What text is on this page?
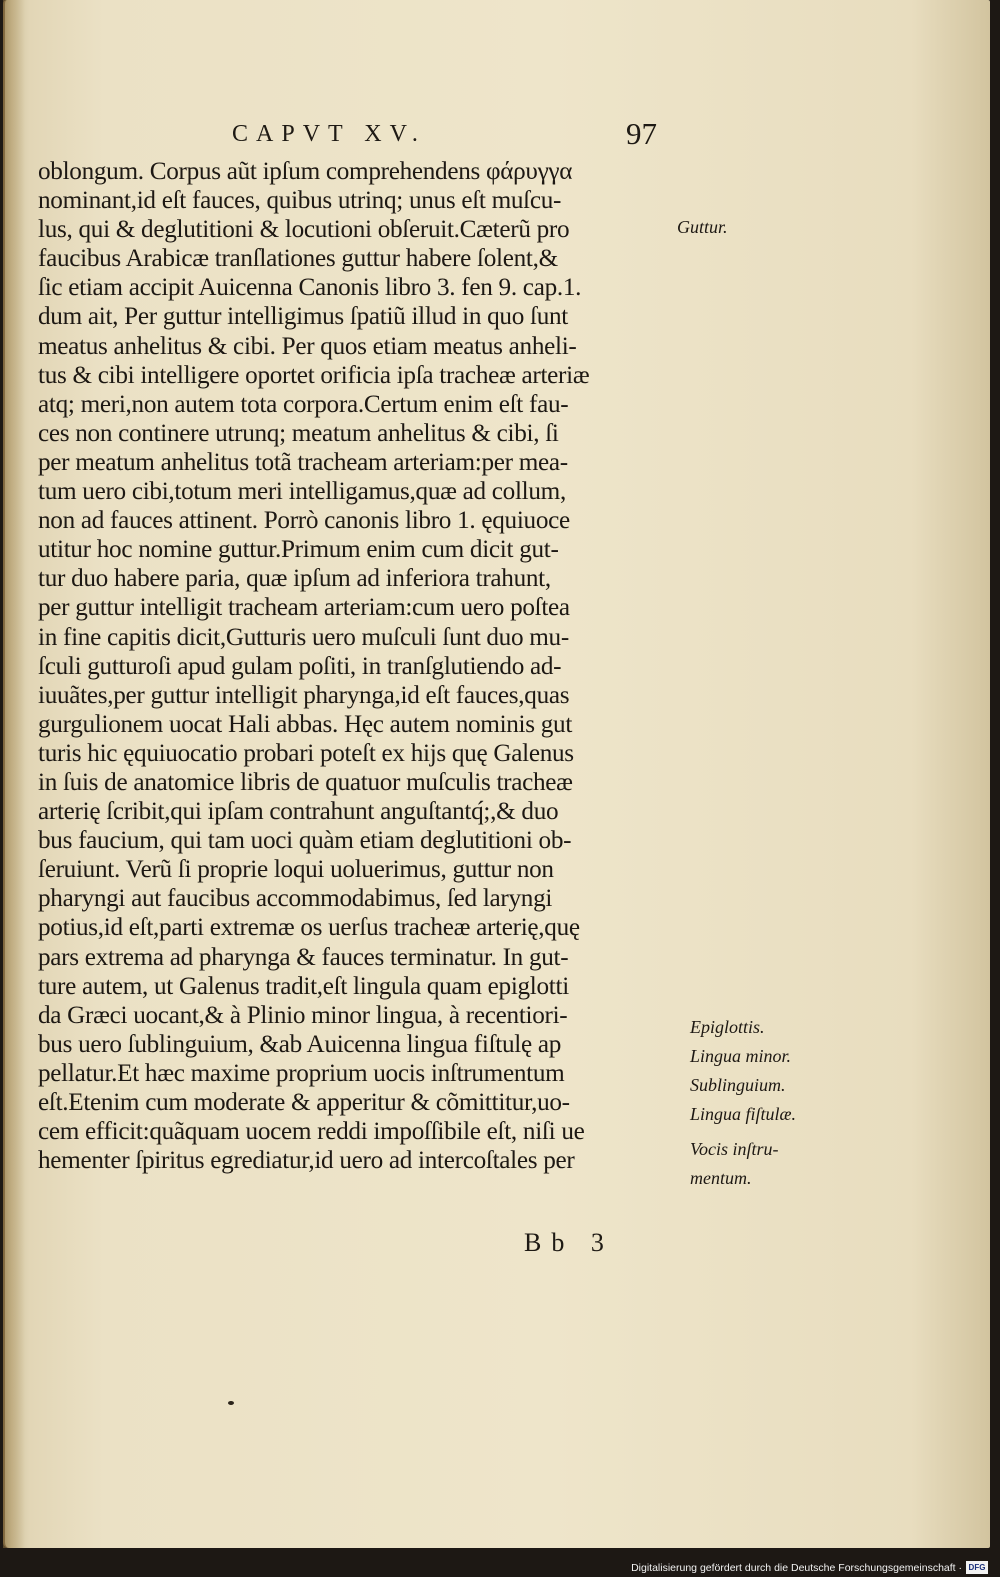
CAPVT XV.	97
oblongum. Corpus aũt ipſum comprehendens φάρυγγα
nominant,id eſt fauces, quibus utrinq; unus eſt muſcu-
lus, qui & deglutitioni & locutioni obſeruit.Cæterũ pro
faucibus Arabicæ tranſlationes guttur habere ſolent,&
ſic etiam accipit Auicenna Canonis libro 3. fen 9. cap.1.
dum ait, Per guttur intelligimus ſpatiũ illud in quo ſunt
meatus anhelitus & cibi. Per quos etiam meatus anheli-
tus & cibi intelligere oportet orificia ipſa tracheæ arteriæ
atq; meri,non autem tota corpora.Certum enim eſt fau-
ces non continere utrunq; meatum anhelitus & cibi, ſi
per meatum anhelitus totã tracheam arteriam:per mea-
tum uero cibi,totum meri intelligamus,quæ ad collum,
non ad fauces attinent. Porrò canonis libro 1. ęquiuoce
utitur hoc nomine guttur.Primum enim cum dicit gut-
tur duo habere paria, quæ ipſum ad inferiora trahunt,
per guttur intelligit tracheam arteriam:cum uero poſtea
in fine capitis dicit,Gutturis uero muſculi ſunt duo mu-
ſculi gutturoſi apud gulam poſiti, in tranſglutiendo ad-
iuuãtes,per guttur intelligit pharynga,id eſt fauces,quas
gurgulionem uocat Hali abbas. Hęc autem nominis gut
turis hic ęquiuocatio probari poteſt ex hijs quę Galenus
in ſuis de anatomice libris de quatuor muſculis tracheæ
arterię ſcribit,qui ipſam contrahunt anguſtantq́;,& duo
bus faucium, qui tam uoci quàm etiam deglutitioni ob-
ſeruiunt. Verũ ſi proprie loqui uoluerimus, guttur non
pharyngi aut faucibus accommodabimus, ſed laryngi
potius,id eſt,parti extremæ os uerſus tracheæ arterię,quę
pars extrema ad pharynga & fauces terminatur. In gut-
ture autem, ut Galenus tradit,eſt lingula quam epiglotti
da Græci uocant,& à Plinio minor lingua, à recentiori-
bus uero ſublinguium, &ab Auicenna lingua fiſtulę ap
pellatur.Et hæc maxime proprium uocis inſtrumentum
eſt.Etenim cum moderate & apperitur & cõmittitur,uo-
cem efficit:quãquam uocem reddi impoſſibile eſt, niſi ue
hementer ſpiritus egrediatur,id uero ad intercoſtales per
Guttur.
Epiglottis.
Lingua minor.
Sublinguium.
Lingua fiſtulæ.
Vocis inſtru-
mentum.
Bb 3
Digitalisierung gefördert durch die Deutsche Forschungsgemeinschaft · DFG
